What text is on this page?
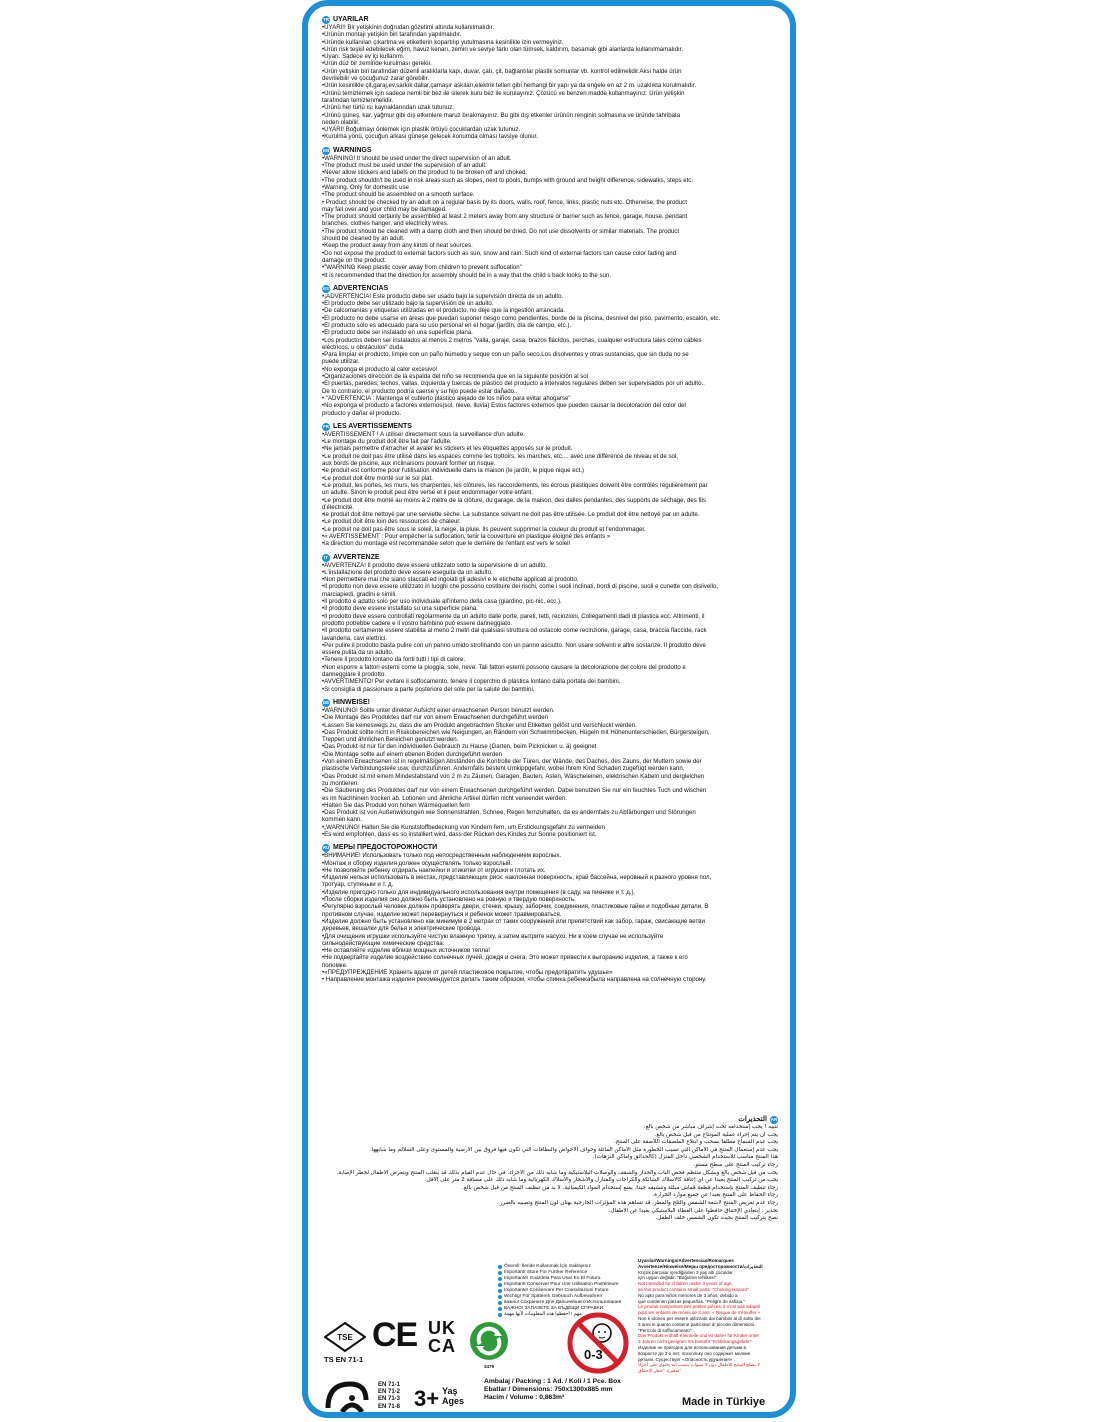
TR UYARILAR
•UYARI!! Bir yetişkinin doğrudan gözetimi altında kullanılmalıdır.
•Ürünün montajı yetişkin biri tarafından yapılmalıdır.
•Üründe kullanılan çıkartma ve etiketlerin kopartılıp yutulmasına kesinlikle izin vermeyiniz.
•Ürün risk teşkil edebilecek eğim, havuz kenarı, zemin ve seviye farkı olan tümsek, kaldırım, basamak gibi alanlarda kullanılmamalıdır.
•Uyarı. Sadece ev içi kullanım.
•Ürün düz bir zeminde kurulması gerekir.
•Ürün yetişkin biri tarafından düzenli aralıklarla kapı, duvar, çatı, çit, bağlantılar plastik somunlar vb. kontrol edilmelidir.Aksi halde ürün
devrilebilir ve çocuğunuz zarar görebilir.
•Ürün kesinlikle çit,garaj,ev,sarkık dallar,çamaşır askıları,elektrik telleri gibi herhangi bir yapı ya da engele en az 2 m. uzaklıkta kurulmalıdır.
•Ürünü temizlemek için sadece nemli bir bez ile silerek kuru bez ile kurulayınız. Çözücü ve benzeri madde kullanmayınız. Ürün yetişkin
tarafından temizlenmelidir.
•Ürünü her türlü ısı kaynaklarından uzak tutunuz.
•Ürünü güneş, kar, yağmur gibi dış etkenlere maruz bırakmayınız. Bu gibi dış etkenler ürünün renginin solmasına ve üründe tahribata
neden olabilir.
•UYARI! Boğulmayı önlemek için plastik örtüyü çocuklardan uzak tutunuz.
•Kurulma yönü, çocuğun arkası güneşe gelecek konumda olması tavsiye olunur.
EN WARNINGS
•WARNING! It should be used under the direct supervision of an adult.
•The product must be used under the supervision of an adult.
•Never allow stickers and labels on the product to be broken off and choked.
•The product shouldn't be used in risk areas such as slopes, next to pools, bumps with ground and height difference, sidewalks, steps etc.
•Warning. Only for domestic use
•The product should be assembled on a smooth surface.
• Product should be checked by an adult on a regular basis by its doors, walls, roof, fence, links, plastic nuts etc. Otherwise, the product
may fall over and your child may be damaged.
•The product should certainly be assembled at least 2 meters away from any structure or barrier such as fence, garage, house, pendant
branches, clothes hanger, and electricity wires.
•The product should be cleaned with a damp cloth and then should be dried. Do not use dissolvents or similar materials. The product
should be cleaned by an adult.
•Keep the product away from any kinds of heat sources.
•Do not expose the product to external factors such as sun, snow and rain. Such kind of external factors can cause color fading and
damage on the product.
•"WARNING Keep plastic cover away from children to prevent suffocation"
•It is recommended that the direction for assembly should be in a way that the child s back looks to the sun.
ES ADVERTENCIAS
•¡ADVERTENCIA! Este producto debe ser usado bajo la supervisión directa de un adulto.
•El producto debe ser utilizado bajo la supervisión de un adulto.
•De calcomanías y etiquetas utilizadas en el producto, no deje que la ingestión arrancada.
•El producto no debe usarse en áreas que puedan suponer riesgo como pendientes, borde de la piscina, desnivel del piso, pavimento, escalón, etc.
•El producto sólo es adecuado para su uso personal en el hogar.(jardín, día de campo, etc.).
•El producto debe ser instalado en una superficie plana.
•Los productos deben ser instalados al menos 2 metros "valla, garaje, casa, brazos flácidos, perchas, cualquier estructura tales como cables
eléctricos, u obstáculos" duda.
•Para limpiar el producto, limpie con un paño húmedo y seque con un paño seco.Los disolventes y otras sustancias, que sin duda no se
puede utilizar.
•No exponga el producto al calor excesivo!
•Organizaciones dirección de la espalda del niño se recomienda que en la siguiente posición al sol
•El puertas, paredes, techos, vallas, izquierda y tuercas de plástico del producto a intervalos regulares deben ser supervisados por un adulto..
De lo contrario, el producto podría caerse y su hijo puede estar dañado..
• "ADVERTENCIA : Mantenga el cubierto plástico alejado de los niños para evitar ahogarse"
•No exponga el producto a factores externos(sol, nieve, lluvia) Estos factores externos que pueden causar la decoloración del color del
producto y dañar el producto.
FR LES AVERTISSEMENTS
•AVERTISSEMENT ! À utiliser directement sous la surveillance d'un adulte.
•Le montage du produit doit être fait par l'adulte.
•Ne jamais permettre d'arracher et avaler les stickers et les étiquettes apposés sur le produit.
•Le produit ne doit pas être utilisé dans les espaces comme les trottoirs, les marches, etc.... avec une différence de niveau et de sol,
aux bords de piscine, aux inclinaisons pouvant former un risque.
•le produit est conforme pour l'utilisation individuelle dans la maison (le jardin, le pique nique ect.)
•Le produit doit être monté sur le sol plat.
•Le produit, les portes, les murs, les charpentes, les clôtures, les raccordements, les écrous plastiques doivent être contrôlés régulièrement par
un adulte. Sinon le produit peut être versé et il peut endommager votre enfant.
•Le produit doit être monté au moins à 2 mètre de la clôture, du garage, de la maison, des dalles pendantes, des supports de séchage, des fils
d'électricité.
•le produit doit être nettoyé par une serviette sèche. La substance solvant ne doit pas être utilisée. Le produit doit être nettoyé par un adulte.
•Le produit doit être loin des ressources de chaleur.
•Le produit ne doit pas être sous le soleil, la neige, la pluie. Ils peuvent supprimer la couleur du produit et l'endommager.
•« AVERTISSEMENT : Pour empêcher la suffocation, tenir la couverture en plastique éloigné des enfants »
•la direction du montage est recommandée selon que le derrière de l'enfant est vers le soleil
IT AVVERTENZE
•AVVERTENZA! Il prodotto deve essere utilizzato sotto la supervisione di un adulto.
•L'installazione del prodotto deve essere eseguita da un adulto.
•Non permettere mai che siano staccati ed ingoiati gli adesivi e le etichette applicati al prodotto.
•Il prodotto non deve essere utilizzato in luoghi che possono costituire dei rischi, come i suoli inclinati, bordi di piscine, suoli e cunette con dislivello,
marciapiedi, gradini e simili.
•Il prodotto è adatto solo per uso individuale all'interno della casa (giardino, pic-nic, ecc.).
•Il prodotto deve essere installato su una superficie piana.
•Il prodotto deve essere controllati regolarmente da un adulto dalle porte, pareti, tetti, recinzioni, Collegamenti dadi di plastica ecc. Altrimenti, il
prodotto potrebbe cadere e il vostro bambino può essere danneggiato.
•Il prodotto certamente essere stabilita al meno 2 metri dal qualsiasi struttura od ostacolo come recinzione, garage, casa, braccia flaccide, rack
lavanderia, cavi elettrici.
•Per pulire il prodotto basta pulire con un panno umido strofinando con un panno asciutto. Non usare solventi e altre sostanze. Il prodotto deve
essere pulita da un adulto.
•Tenere il prodotto lontano da fonti tutti i tipi di calore.
•Non esporre a fattori esterni come la pioggia, sole, neve. Tali fattori esterni possono causare la decolorazione del colore del prodotto e
danneggiare il prodotto.
•AVVERTIMENTO! Per evitare il soffocamento, tenere il coperchio di plastica lontano dalla portata dei bambini.
•Si consiglia di passionare a parte posteriore del sole per la salute dei bambini.
DE HINWEISE!
•WARNUNG! Sollte unter direkter Aufsicht einer erwachsenen Person benutzt werden.
•Die Montage des Produktes darf nur von einem Erwachsenen durchgeführt werden
•Lassen Sie keineswegs zu, dass die am Produkt angebrachten Sticker und Etiketten gelöst und verschluckt werden.
•Das Produkt sollte nicht in Risikobereichen wie Neigungen, an Rändern von Schwimmbecken, Hügeln mit Höhenunterschieden, Bürgersteigen,
Treppen und ähnlichen Bereichen genutzt werden.
•Das Produkt ist nur für den individuellen Gebrauch zu Hause (Garten, beim Picknicken u. ä) geeignet
•Die Montage sollte auf einem ebenen Boden durchgeführt werden
•Von einem Erwachsenen ist in regelmäßigen Abständen die Kontrolle der Türen, der Wände, des Daches, des Zauns, der Muttern sowie der
plastische Verbindungsteile usw. durchzuführen. Andernfalls besteht Umkippgefahr, wobei Ihrem Kind Schaden zugefügt werden kann.
•Das Produkt ist mit einem Mindestabstand von 2 m zu Zäunen, Garagen, Bauten, Ästen, Wäscheleinen, elektrischen Kabeln und dergleichen
zu montieren.
•Die Säuberung des Produktes darf nur von einem Erwachsenen durchgeführt werden. Dabei benutzen Sie nur ein feuchtes Tuch und wischen
es im Nachhinein trocken ab. Lotionen und ähnliche Artikel dürfen nicht verwendet werden.
•Halten Sie das Produkt von hohen Wärmequellen fern
•Das Produkt ist von Außenwirkungen wie Sonnenstrahlen, Schnee, Regen fernzuhalten, da es andernfalls zu Abfärbungen und Störungen
kommen kann.
•„WARNUNG! Halten Sie die Kunststoffbedeckung von Kindern fern, um Erstickungsgefahr zu vermeiden
•Es wird empfohlen, dass es so installiert wird, dass der Rücken des Kindes zur Sonne positioniert ist.
RU МЕРЫ ПРЕДОСТОРОЖНОСТИ
•ВНИМАНИЕ! Использовать только под непосредственным наблюдением взрослых.
•Монтаж и сборку изделия должен осуществлять только взрослый.
•Не позволяйте ребенку отдирать наклейки и этикетки от игрушки и глотать их.
•Изделие нельзя использовать в местах, представляющих риск: наклонная поверхность, край бассейна, неровный и разного уровня пол,
тротуар, ступеньки и т. д.
•Изделие пригодно только для индивидуального использования внутри помещения (в саду, на пикнике и т. д.).
•После сборки изделия оно должно быть установлено на ровную и твердую поверхность.
•Регулярно взрослый человек должен проверять двери, стенки, крышу, заборчик, соединения, пластиковые гайки и подобные детали. В
противном случае, изделие может перевернуться и ребенок может травмироваться.
•Изделие должно быть установлено как минимум в 2 метрах от таких сооружений или препятствий как забор, гараж, свисающие ветви
деревьев, вешалки для белья и электрические провода.
•Для очищения игрушки используйте чистую влажную тряпку, а затем вытрите насухо. Ни в коем случае не используйте
сильнодействующие химические средства.
•Не оставляйте изделие вблизи мощных источников тепла!
•Не подвергайте изделие воздействию солнечных лучей, дождя и снега. Это может привести к выгоранию изделия, а также к его
поломке.
•«ПРЕДУПРЕЖДЕНИЕ Хранить вдали от детей пластиковое покрытие, чтобы предотвратить удушье»
• Направление монтажа изделия рекомендуется делать таким образом, чтобы спинка ребенкабыла направлена на солнечную сторону.
AR
التحذيرات
تنبيه ! يجب إستخدامه تحت إشراف مباشر من شخص بالغ.
يجب أن يتم إجراء عملية المونتاج من قبل شخص بالغ.
يجب عدم السماح مطلقا بسحب و ابتلاع الملصقات اللاصقة على المنتج.
يجب عدم إستعمال المنتج في الأماكن التي تسبب الخطورة مثل الأماكن المائلة وحواف الأحواض والنطاقات التي تكون فيها فروق بين الأرضية والمستوى وعلى السلالم وما شابهها.
هذا المنتج مناسب للاستخدام الشخصي داخل المنزل (كالحدائق وأماكن النزهات).
رجاء تركيب المنتج على سطح مستو.
يجب من قبل شخص بالغ وبشكل منتظم فحص الباب والجدار والسقف والوصلات البلاستيكية وما شابه ذلك من الأجزاء. في حال عدم القيام بذلك قد ينقلب المنتج ويتعرض الأطفال لخطر الإصابة.
يجب من تركيب المنتج بعيدا عن أي إعاقة كالأسلاك الشائكة والكراجات والمنازل والأشجار والأسلاك الكهربائية وما شابه ذلك على مسافة 2 متر على الأقل.
رجاء تنظيف المنتج بإستخدام قطعة قماش مبللة وتنشيفه جيدا. يمنع إستخدام المواد الكيميائية. لا بد من تنظيف المنتج من قبل شخص بالغ.
رجاء الحفاظ على المنتج بعيدا عن جميع موارد الحرارة.
رجاء عدم تعريض المنتج لأشعة الشمس والثلج والمطر. قد تساهم هذه المؤثرات الخارجية بهتان لون المنتج وتصبيه بالضرر.
تحذير : إبتعادي الإختناق حافظوا على الغطاء البلاستيكي بعيداً عن الأطفال.
نصح بتركيب المنتج بحيث تكون الشمس خلف الطفل.
Önemli: İleride Kullanmak İçin Saklayınız
Important! Store For Further Reference
Importante! Guárdela Para Usar En El Futuro.
Important! Conserver Pour Une Utilisation Postérieure
Importante! Conservare Per Consultazioni Future
Wichtig! Für Späteren Gebrauch Aufbewahren
важно! Сохраните Для Дальнейшего Использования
ВАЖНО! ЗАПАЗЕТЕ ЗА БЪДЕЩИ СПРАВКИ.
مهم ! احفظوا هذه المعلومات لأنها مهمة.
0-3
Uyarılar/Warnings/Advertencias/Romarques
Avvertenze/Hinweise/Меры предосторожности/التحذيرات
Küçük parçalar içerdiğinden 3 yaş altı çocuklar
için uygun değildir. "Boğulma tehlikesi"
Not intended for children under 3 years of age,
as this product contains small parts. "Choking Hazard"
No apto para niños menores de 3 años; debido a
que contienen piezas pequeñas. "Peligro de asfixia."
Le produit comportant des petites pièces, il n'est pas adapté
pour les enfants de moins de 3 ans. « Risque de s'étouffer »
Non è idoneo per essere utilizzato dai bambini al di sotto dei
3 anni in quanto contiene particolari di piccole dimensioni.
"Pericolo di soffocamento"
Das Produkt enthält Kleinteile und ist daher für Kinder unter
3 Jahren nicht geeignet. Es besteht "Erstickungsgefahr".
Изделие не пригодно для использования детьми в
возрасте до 3-х лет, поскольку оно содержит мелкие
детали. Существует «Опасность удушения»
لا يصلح المنتج للأطفال دون 3 سنوات بسبب أنه يحتوي على أجزاء
صغيرة. "خطر الإختناق"
TSE
TS EN 71-1
CE UK
CA
3479
EN 71-1
EN 71-2
EN 71-3
EN 71-8 3+ Yaş
Ages
Ambalaj / Packing : 1 Ad. / Koli / 1 Pce. Box
Ebatlar / Dimensions: 750x1300x885 mm
Hacim / Volume : 0,863m³	Made in Türkiye
